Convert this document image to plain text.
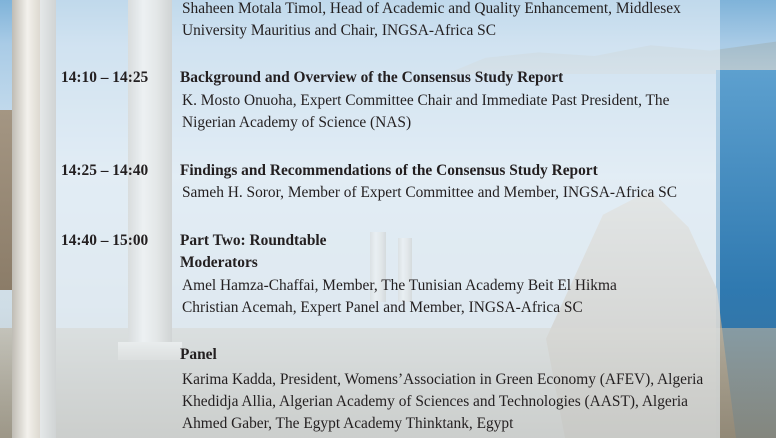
Shaheen Motala Timol, Head of Academic and Quality Enhancement, Middlesex
University Mauritius and Chair, INGSA-Africa SC
14:10 – 14:25 Background and Overview of the Consensus Study Report
K. Mosto Onuoha, Expert Committee Chair and Immediate Past President, The
Nigerian Academy of Science (NAS)
14:25 – 14:40 Findings and Recommendations of the Consensus Study Report
Sameh H. Soror, Member of Expert Committee and Member, INGSA-Africa SC
14:40 – 15:00 Part Two: Roundtable
Moderators
Amel Hamza-Chaffai, Member, The Tunisian Academy Beit El Hikma
Christian Acemah, Expert Panel and Member, INGSA-Africa SC
Panel
Karima Kadda, President, Womens’Association in Green Economy (AFEV), Algeria
Khedidja Allia, Algerian Academy of Sciences and Technologies (AAST), Algeria
Ahmed Gaber, The Egypt Academy Thinktank, Egypt
